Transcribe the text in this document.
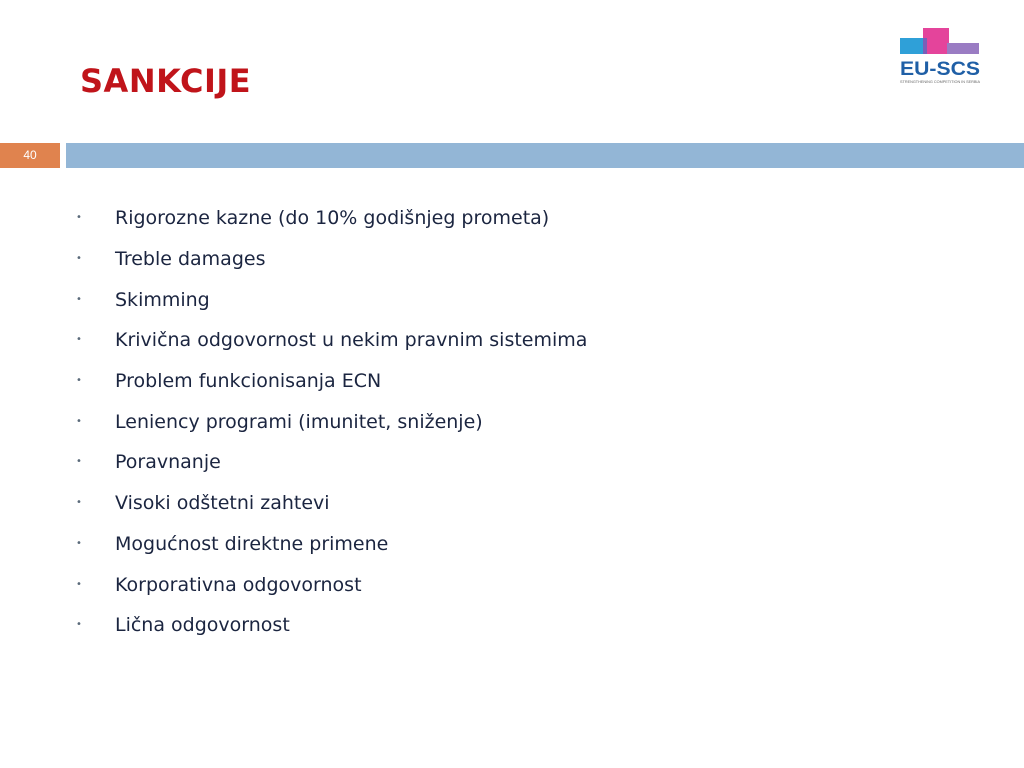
SANKCIJE	EU-SCS
STRENGTHENING COMPETITION IN SERBIA
40
•	Rigorozne kazne (do 10% godišnjeg prometa)
•	Treble damages
•	Skimming
•	Krivična odgovornost u nekim pravnim sistemima
•	Problem funkcionisanja ECN
•	Leniency programi (imunitet, sniženje)
•	Poravnanje
•	Visoki odštetni zahtevi
•	Mogućnost direktne primene
•	Korporativna odgovornost
•	Lična odgovornost
